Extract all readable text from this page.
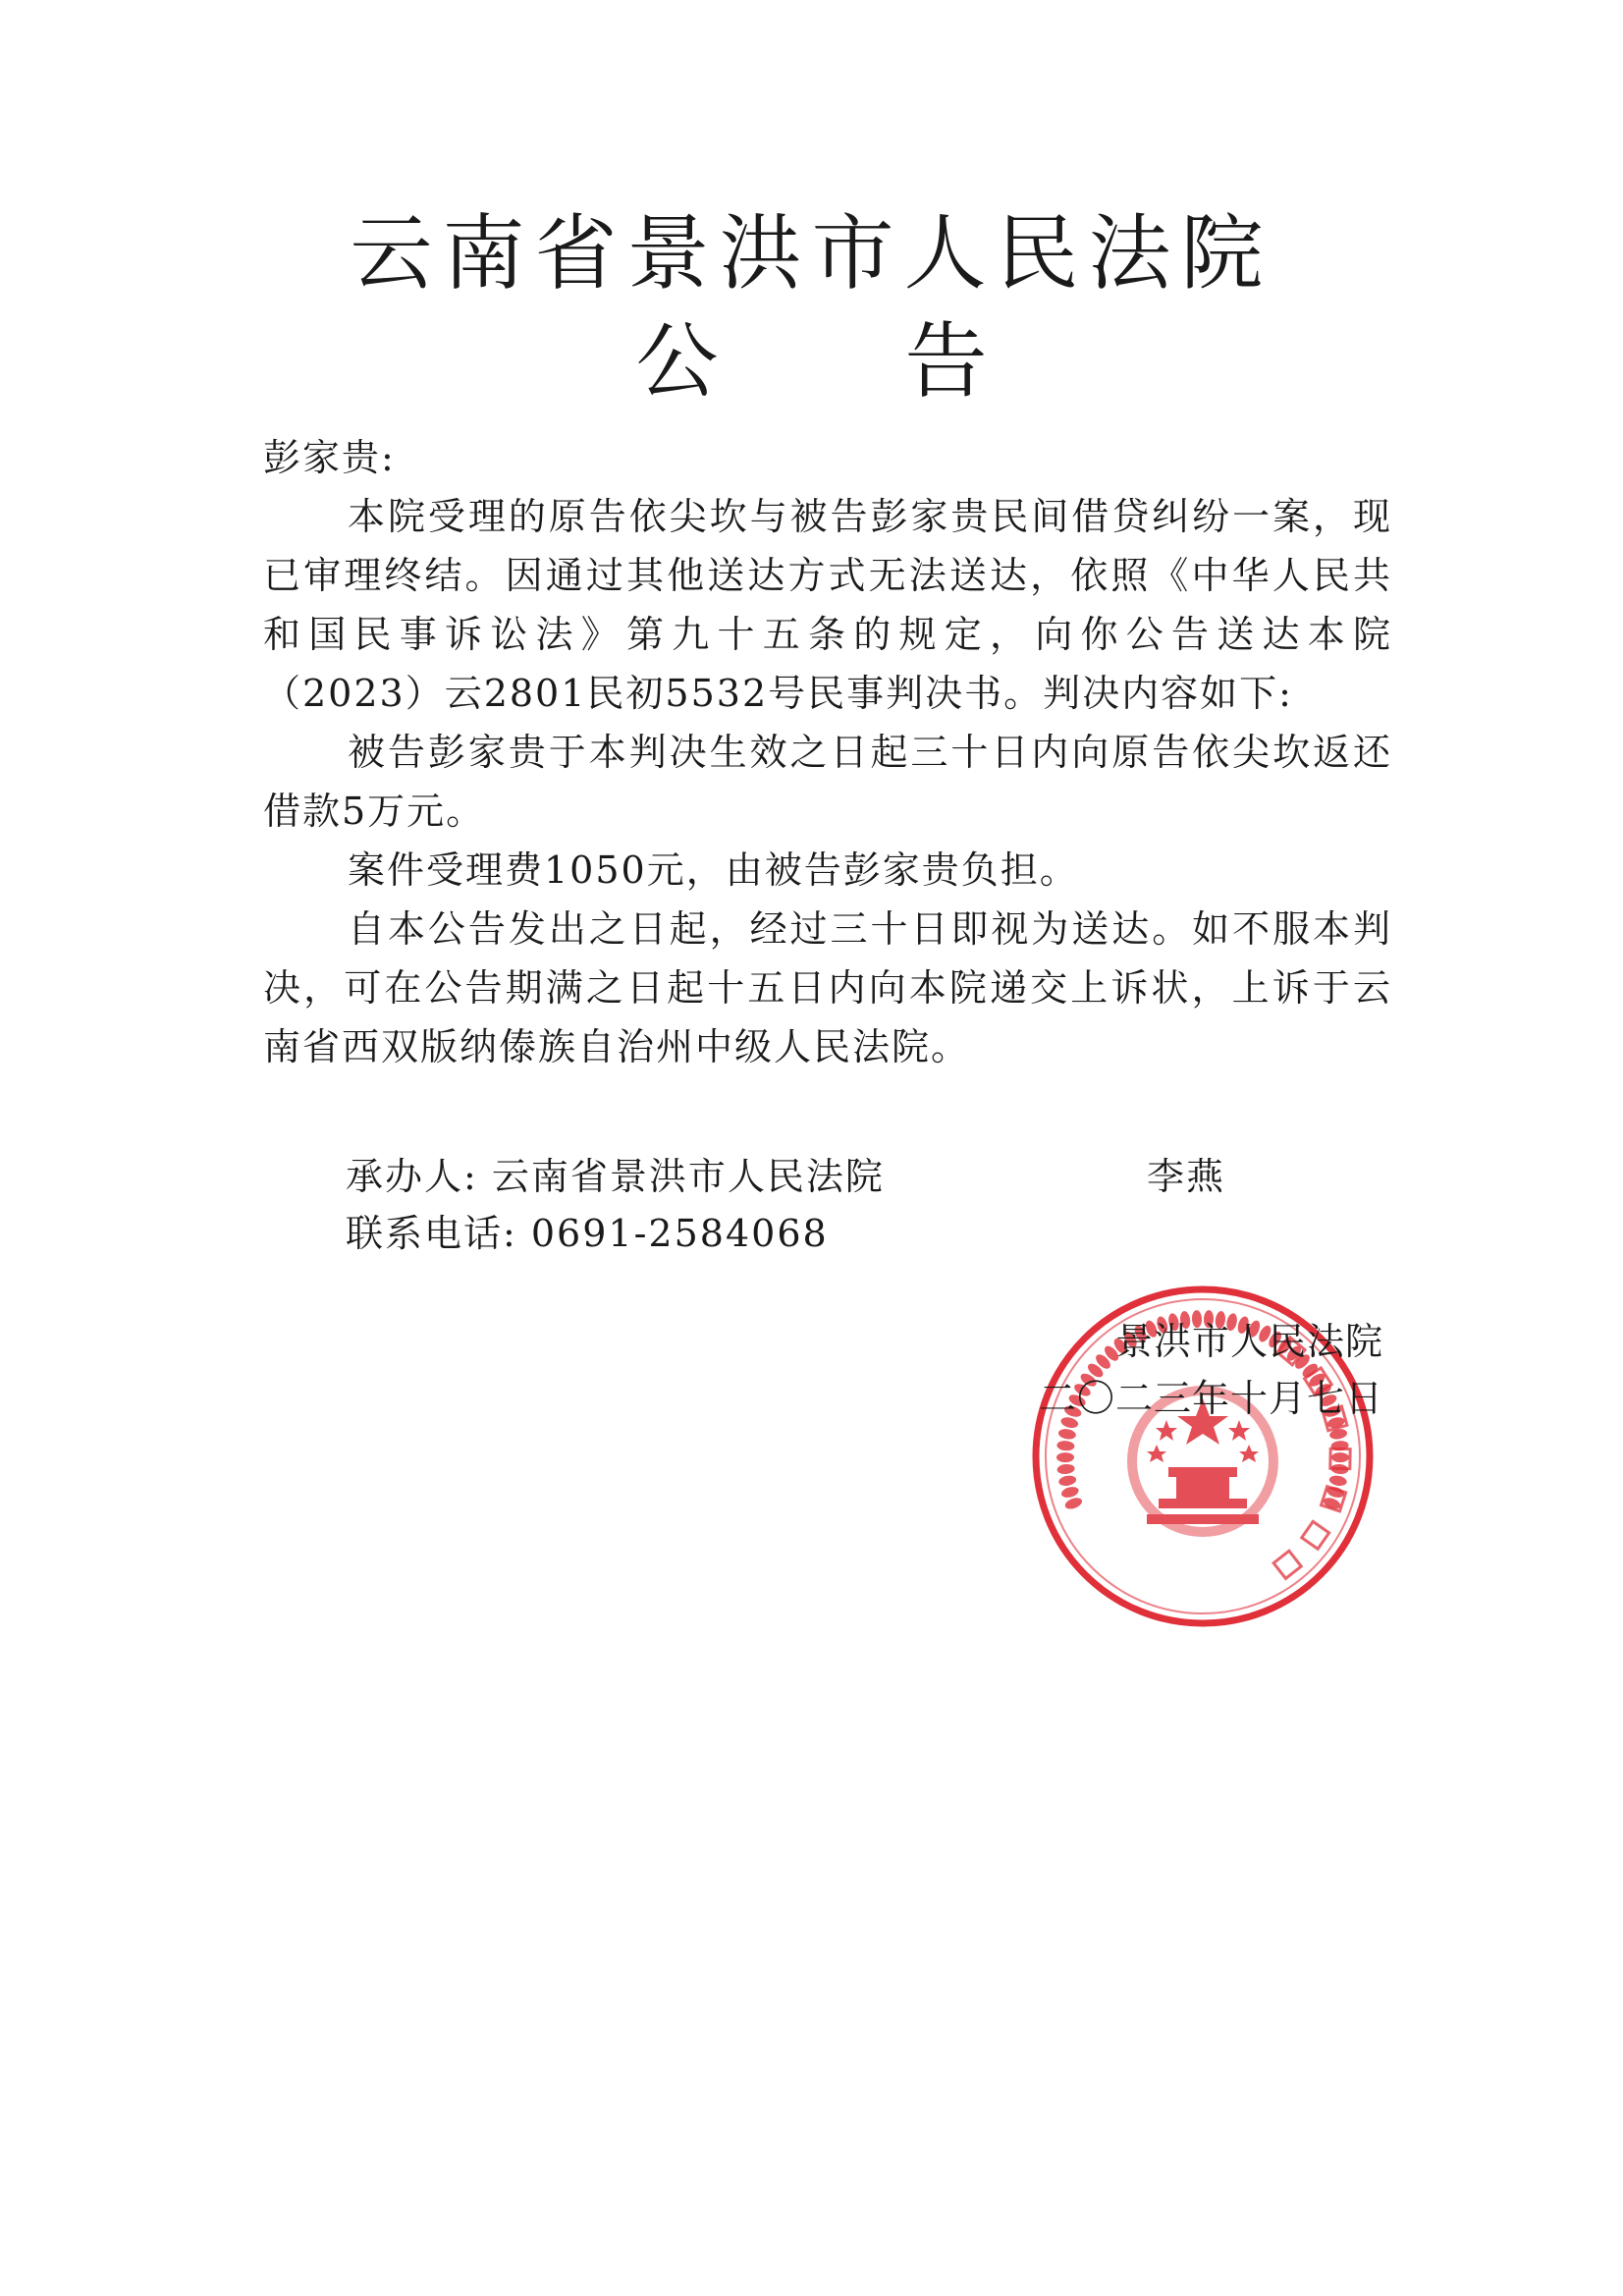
云南省景洪市人民法院
公 告
彭家贵:

本院受理的原告依尖坎与被告彭家贵民间借贷纠纷一案，现已审理终结。因通过其他送达方式无法送达，依照《中华人民共和国民事诉讼法》第九十五条的规定，向你公告送达本院（2023）云2801民初5532号民事判决书。判决内容如下:

被告彭家贵于本判决生效之日起三十日内向原告依尖坎返还借款5万元。

案件受理费1050元，由被告彭家贵负担。

自本公告发出之日起，经过三十日即视为送达。如不服本判决，可在公告期满之日起十五日内向本院递交上诉状，上诉于云南省西双版纳傣族自治州中级人民法院。

承办人: 云南省景洪市人民法院	李燕
联系电话: 0691-2584068
景洪市人民法院
二〇二三年十月七日
